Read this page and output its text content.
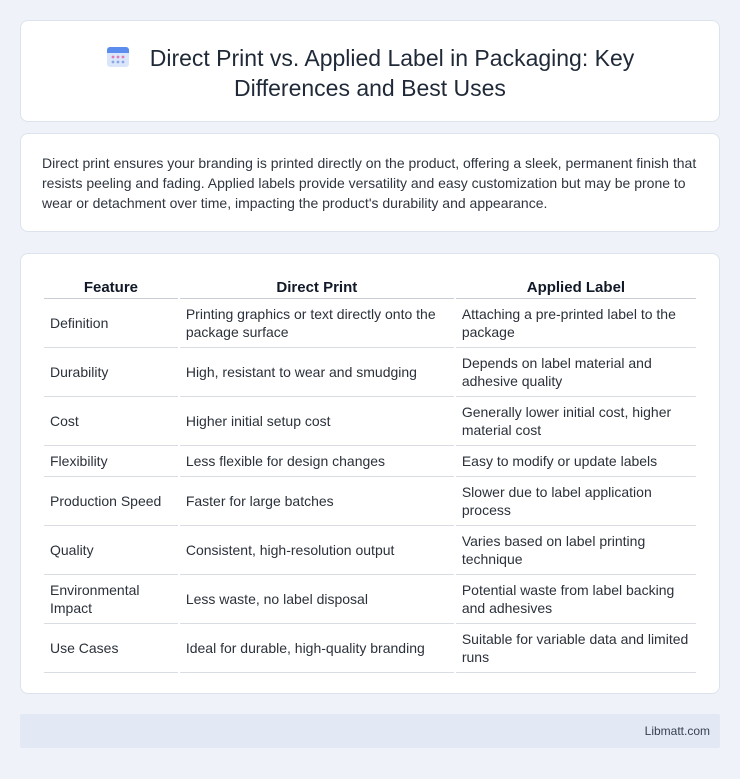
Direct Print vs. Applied Label in Packaging: Key
Differences and Best Uses

Direct print ensures your branding is printed directly on the product, offering a sleek, permanent finish that resists peeling and fading. Applied labels provide versatility and easy customization but may be prone to wear or detachment over time, impacting the product's durability and appearance.

Feature	Direct Print	Applied Label
Definition	Printing graphics or text directly onto the package surface	Attaching a pre-printed label to the package
Durability	High, resistant to wear and smudging	Depends on label material and adhesive quality
Cost	Higher initial setup cost	Generally lower initial cost, higher material cost
Flexibility	Less flexible for design changes	Easy to modify or update labels
Production Speed	Faster for large batches	Slower due to label application process
Quality	Consistent, high-resolution output	Varies based on label printing technique
Environmental Impact	Less waste, no label disposal	Potential waste from label backing and adhesives
Use Cases	Ideal for durable, high-quality branding	Suitable for variable data and limited runs
Libmatt.com
